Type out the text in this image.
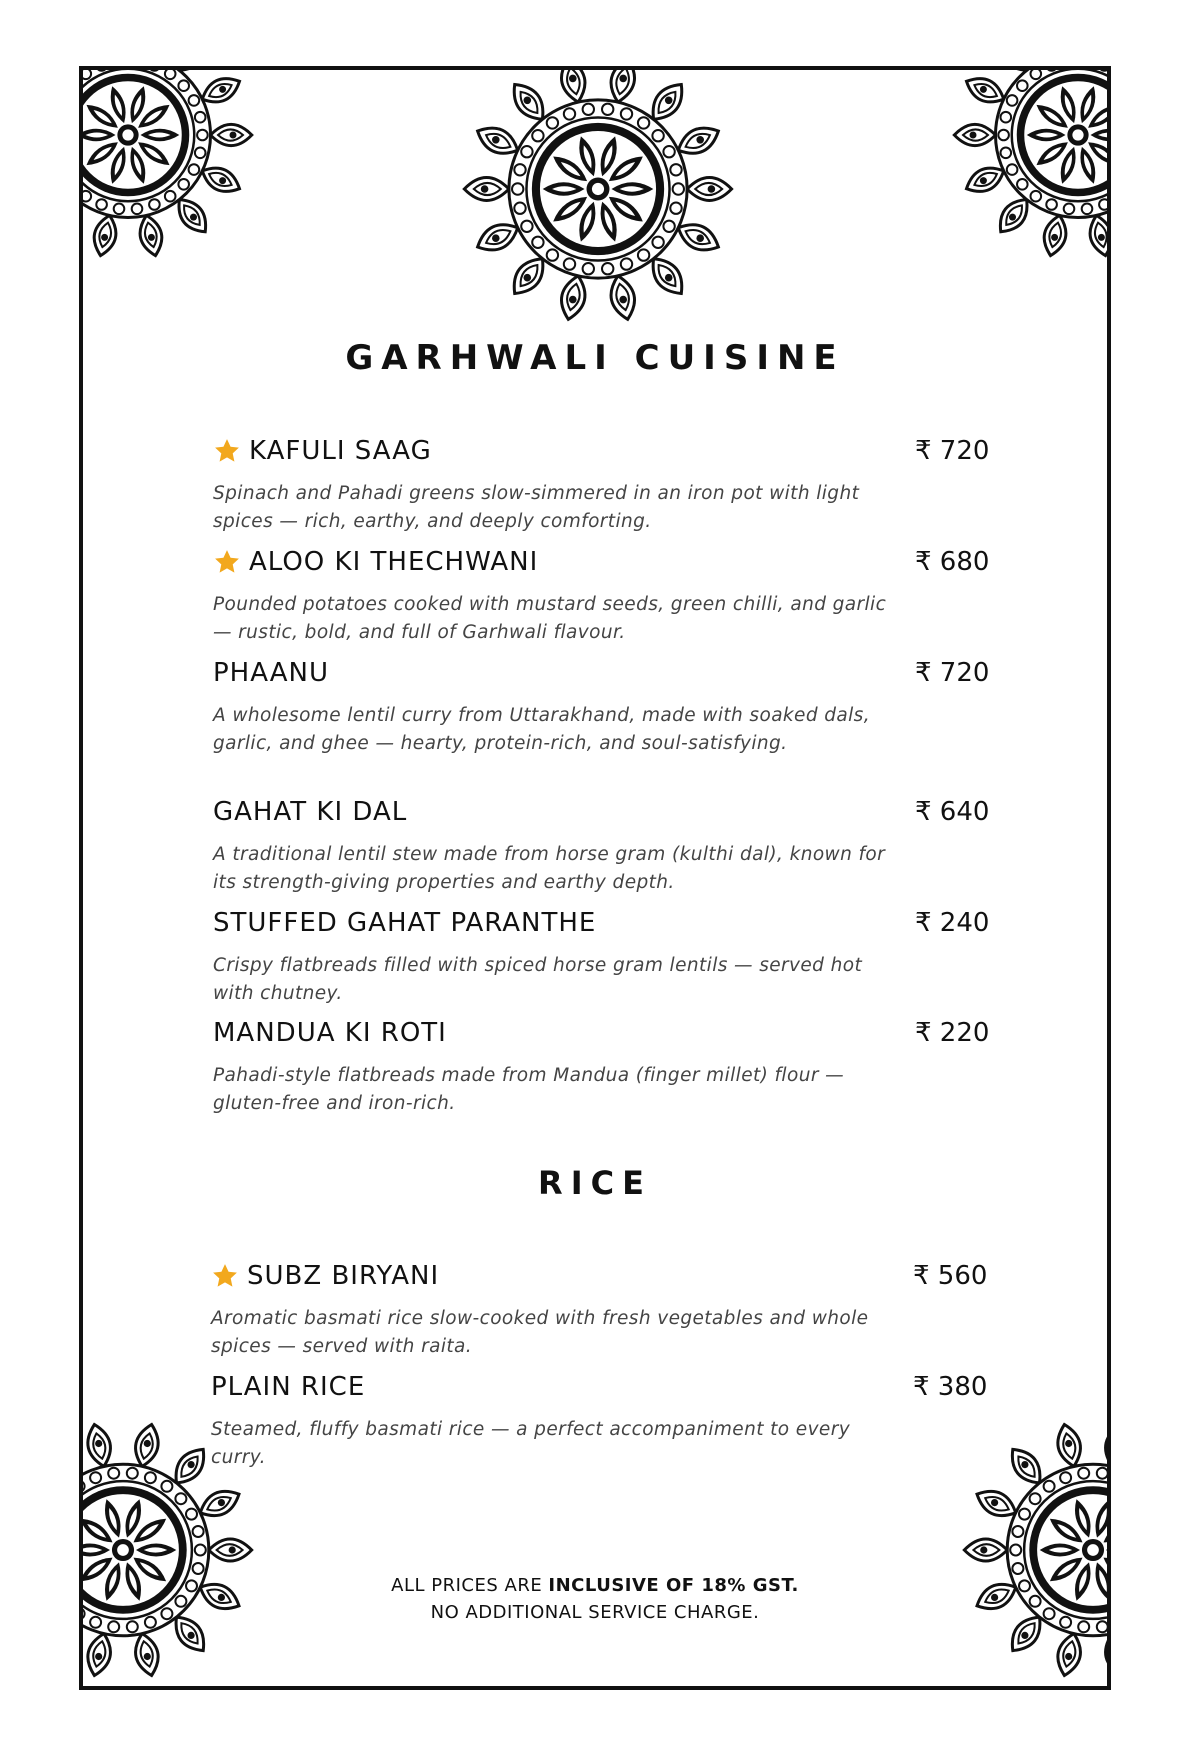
GARHWALI CUISINE
KAFULI SAAG	₹ 720
Spinach and Pahadi greens slow-simmered in an iron pot with light spices — rich, earthy, and deeply comforting.
ALOO KI THECHWANI	₹ 680
Pounded potatoes cooked with mustard seeds, green chilli, and garlic — rustic, bold, and full of Garhwali flavour.
PHAANU	₹ 720
A wholesome lentil curry from Uttarakhand, made with soaked dals, garlic, and ghee — hearty, protein-rich, and soul-satisfying.
GAHAT KI DAL	₹ 640
A traditional lentil stew made from horse gram (kulthi dal), known for its strength-giving properties and earthy depth.
STUFFED GAHAT PARANTHE	₹ 240
Crispy flatbreads filled with spiced horse gram lentils — served hot with chutney.
MANDUA KI ROTI	₹ 220
Pahadi-style flatbreads made from Mandua (finger millet) flour — gluten-free and iron-rich.
RICE
SUBZ BIRYANI	₹ 560
Aromatic basmati rice slow-cooked with fresh vegetables and whole spices — served with raita.
PLAIN RICE	₹ 380
Steamed, fluffy basmati rice — a perfect accompaniment to every curry.
ALL PRICES ARE INCLUSIVE OF 18% GST.
NO ADDITIONAL SERVICE CHARGE.
